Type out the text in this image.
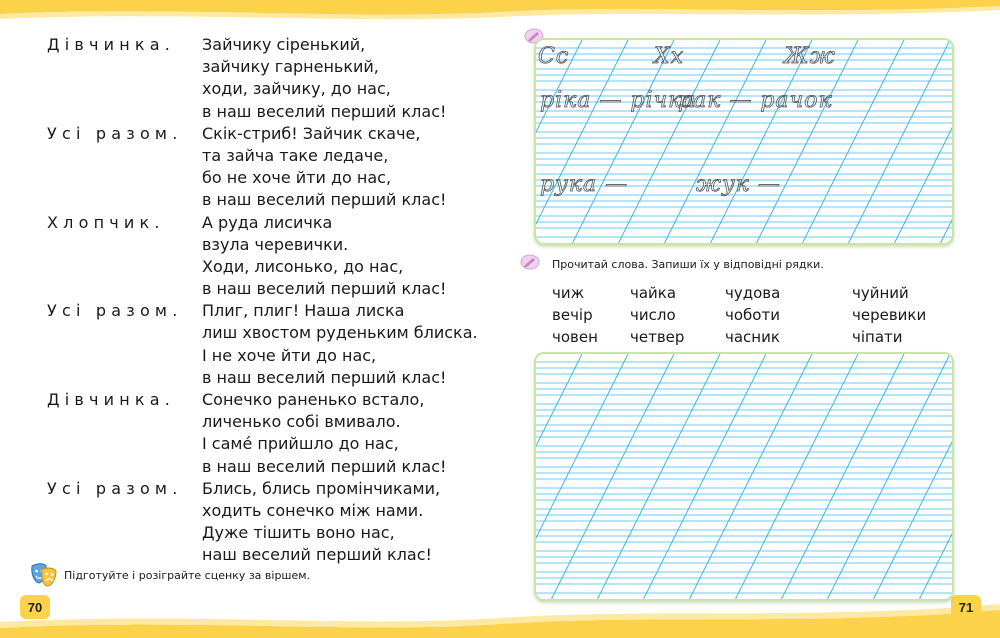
Дівчинка.	Зайчику сіренький,
зайчику гарненький,
ходи, зайчику, до нас,
в наш веселий перший клас!
Усі разом.	Скік-стриб! Зайчик скаче,
та зайча таке ледаче,
бо не хоче йти до нас,
в наш веселий перший клас!
Хлопчик.	А руда лисичка
взула черевички.
Ходи, лисонько, до нас,
в наш веселий перший клас!
Усі разом.	Плиг, плиг! Наша лиска
лиш хвостом руденьким блиска.
І не хоче йти до нас,
в наш веселий перший клас!
Дівчинка.	Сонечко раненько встало,
личенько собі вмивало.
І саме́ прийшло до нас,
в наш веселий перший клас!
Усі разом.	Блись, блись промінчиками,
ходить сонечко між нами.
Дуже тішить воно нас,
наш веселий перший клас!
Підготуйте і розіграйте сценку за віршем.
70	71
Сс	Хх	Жж
ріка — річка
рак — рачок
рука —	жук —
Прочитай слова. Запиши їх у відповідні рядки.
чиж	чайка	чудова	чуйний
вечір число	чоботи	черевики
човен четвер	часник	чіпати
